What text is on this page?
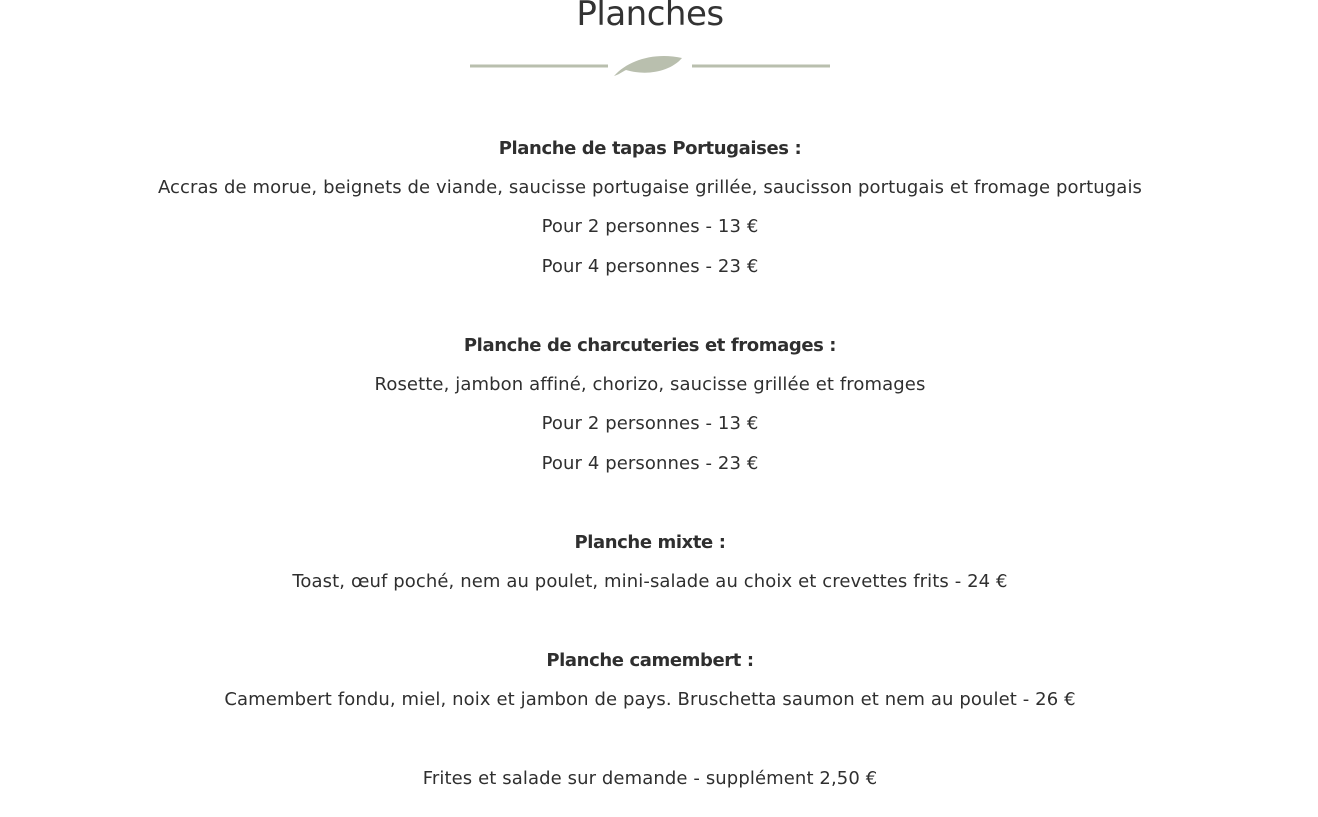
Planches
Planche de tapas Portugaises :
Accras de morue, beignets de viande, saucisse portugaise grillée, saucisson portugais et fromage portugais
Pour 2 personnes - 13 €
Pour 4 personnes - 23 €
Planche de charcuteries et fromages :
Rosette, jambon affiné, chorizo, saucisse grillée et fromages
Pour 2 personnes - 13 €
Pour 4 personnes - 23 €
Planche mixte :
Toast, œuf poché, nem au poulet, mini-salade au choix et crevettes frits - 24 €
Planche camembert :
Camembert fondu, miel, noix et jambon de pays. Bruschetta saumon et nem au poulet - 26 €
Frites et salade sur demande - supplément 2,50 €
